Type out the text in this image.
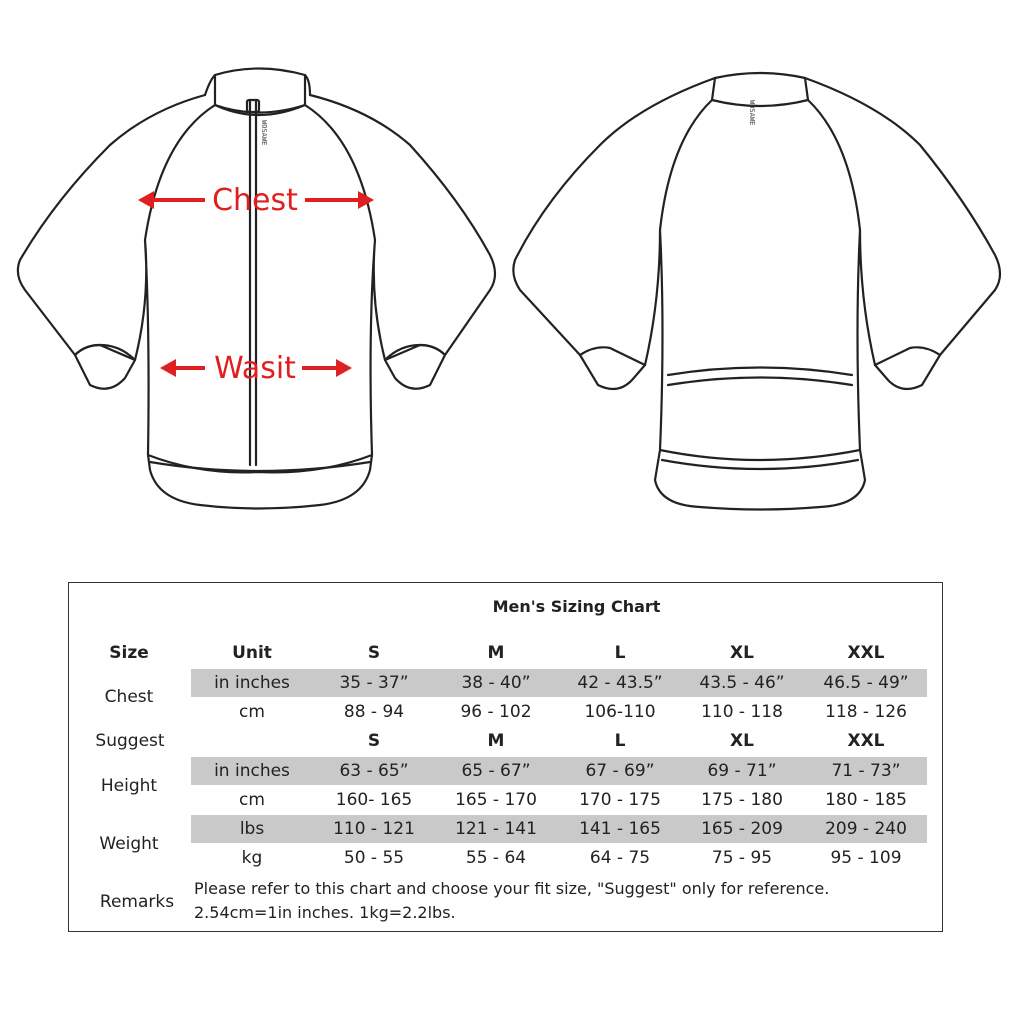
WOSAWE
WOSAWE
Chest
Wasit
Men's Sizing Chart
Size	Unit	S	M	L	XL	XXL
Chest
in inches	35 - 37”	38 - 40”	42 - 43.5”	43.5 - 46”	46.5 - 49”
cm	88 - 94	96 - 102	106-110	110 - 118	118 - 126
Suggest	S	M	L	XL	XXL
Height
in inches	63 - 65”	65 - 67”	67 - 69”	69 - 71”	71 - 73”
cm	160- 165	165 - 170	170 - 175	175 - 180	180 - 185
Weight
lbs	110 - 121	121 - 141	141 - 165	165 - 209	209 - 240
kg	50 - 55	55 - 64	64 - 75	75 - 95	95 - 109
Remarks
Please refer to this chart and choose your fit size, "Suggest" only for reference.
2.54cm=1in inches. 1kg=2.2lbs.
